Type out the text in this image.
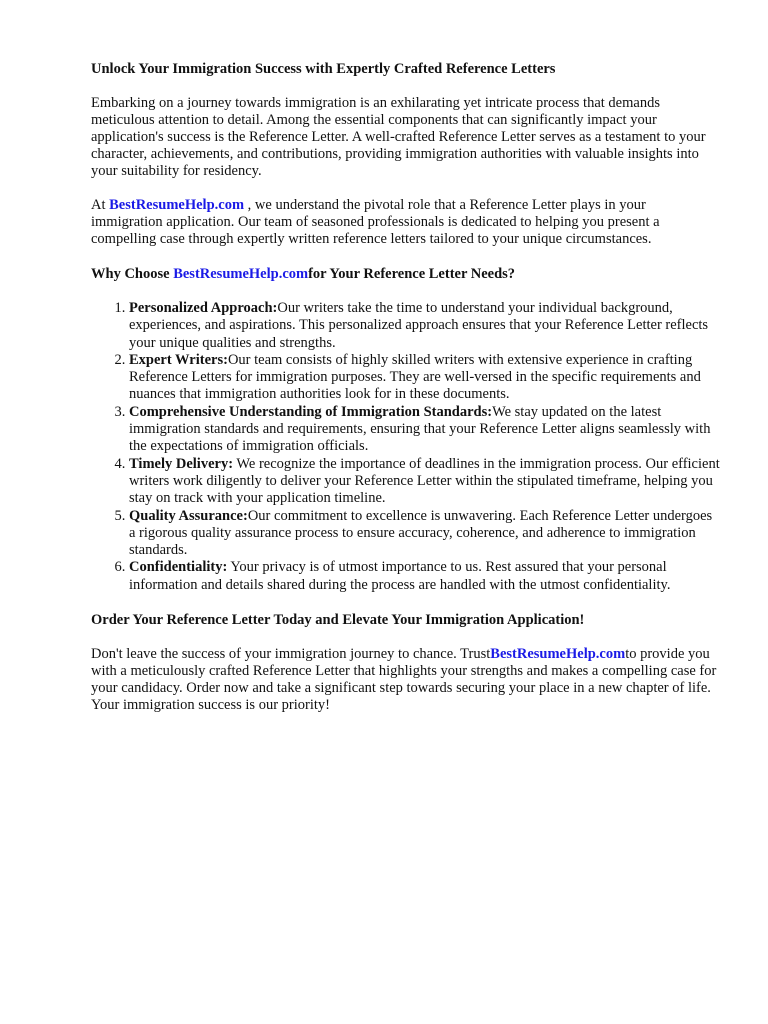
Unlock Your Immigration Success with Expertly Crafted Reference Letters

Embarking on a journey towards immigration is an exhilarating yet intricate process that demands meticulous attention to detail. Among the essential components that can significantly impact your application's success is the Reference Letter. A well-crafted Reference Letter serves as a testament to your character, achievements, and contributions, providing immigration authorities with valuable insights into your suitability for residency.

At BestResumeHelp.com , we understand the pivotal role that a Reference Letter plays in your immigration application. Our team of seasoned professionals is dedicated to helping you present a compelling case through expertly written reference letters tailored to your unique circumstances.

Why Choose BestResumeHelp.comfor Your Reference Letter Needs?
1. Personalized Approach:Our writers take the time to understand your individual background, experiences, and aspirations. This personalized approach ensures that your Reference Letter reflects your unique qualities and strengths.
2. Expert Writers:Our team consists of highly skilled writers with extensive experience in crafting Reference Letters for immigration purposes. They are well-versed in the specific requirements and nuances that immigration authorities look for in these documents.
3. Comprehensive Understanding of Immigration Standards:We stay updated on the latest immigration standards and requirements, ensuring that your Reference Letter aligns seamlessly with the expectations of immigration officials.
4. Timely Delivery: We recognize the importance of deadlines in the immigration process. Our efficient writers work diligently to deliver your Reference Letter within the stipulated timeframe, helping you stay on track with your application timeline.
5. Quality Assurance:Our commitment to excellence is unwavering. Each Reference Letter undergoes a rigorous quality assurance process to ensure accuracy, coherence, and adherence to immigration standards.
6. Confidentiality: Your privacy is of utmost importance to us. Rest assured that your personal information and details shared during the process are handled with the utmost confidentiality.
Order Your Reference Letter Today and Elevate Your Immigration Application!

Don't leave the success of your immigration journey to chance. TrustBestResumeHelp.comto provide you with a meticulously crafted Reference Letter that highlights your strengths and makes a compelling case for your candidacy. Order now and take a significant step towards securing your place in a new chapter of life. Your immigration success is our priority!
